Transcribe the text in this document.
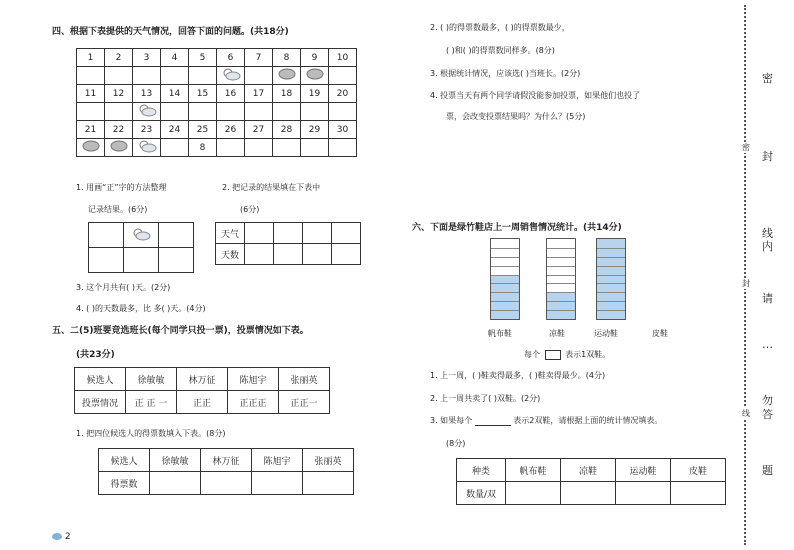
四、根据下表提供的天气情况，回答下面的问题。(共18分)
1	2	3	4	5	6	7	8	9	10

11	12	13	14	15	16	17	18	19	20

21	22	23	24	25	26	27	28	29	30
				8					
1. 用画“正”字的方法整理
记录结果。(6分)
2. 把记录的结果填在下表中
(6分)

天气				
天数				
3. 这个月共有( )天。(2分)
4. ( )的天数最多，比 多( )天。(4分)
五、二(5)班要竞选班长(每个同学只投一票)，投票情况如下表。
(共23分)
候选人	徐敏敏	林万征	陈旭宇	张丽英
投票情况	正 正 一	正正	正正正	正正一
1. 把四位候选人的得票数填入下表。(8分)
候选人	徐敏敏	林万征	陈旭宇	张丽英
得票数				
2. ( )的得票数最多，( )的得票数最少，
( )和( )的得票数同样多。(8分)
3. 根据统计情况，应该选( )当班长。(2分)
4. 投票当天有两个同学请假没能参加投票，如果他们也投了
票，会改变投票结果吗？为什么？(5分)
六、下面是绿竹鞋店上一周销售情况统计。(共14分)
帆布鞋	凉鞋	运动鞋	皮鞋
每个	表示1双鞋。
1. 上一周，( )鞋卖得最多，( )鞋卖得最少。(4分)
2. 上一周共卖了( )双鞋。(2分)
3. 如果每个	表示2双鞋，请根据上面的统计情况填表。
(8分)
种类	帆布鞋	凉鞋	运动鞋	皮鞋
数量/双				
密
封
线
内
请
…
勿
答
题
密
封
线
2
